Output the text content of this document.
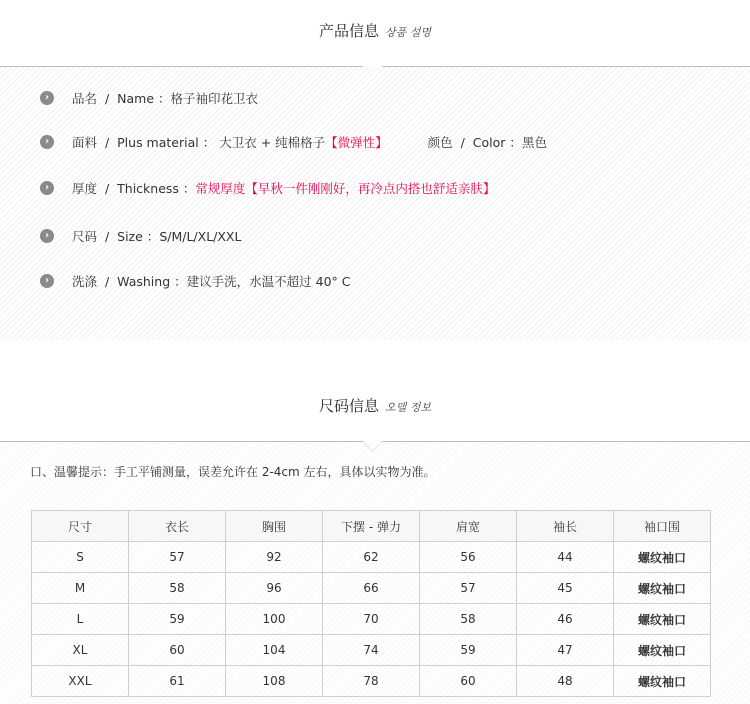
产品信息 상품 설명
›	品名
/
Name
： 格子袖印花卫衣
›	面料
/
Plus material
：
大卫衣 + 纯棉格子 【微弹性】	颜色
/
Color
： 黑色
›	厚度
/
Thickness
： 常规厚度【早秋一件刚刚好，再冷点内搭也舒适亲肤】
›	尺码
/
Size
： S/M/L/XL/XXL
›	洗涤
/
Washing
： 建议手洗，水温不超过 40° C
尺码信息 오델 정보
口、温馨提示：手工平铺测量，误差允许在 2-4cm 左右，具体以实物为准。
尺寸	衣长	胸围	下摆 - 弹力	肩宽	袖长	袖口围
S	57	92	62	56	44	螺纹袖口
M	58	96	66	57	45	螺纹袖口
L	59	100	70	58	46	螺纹袖口
XL	60	104	74	59	47	螺纹袖口
XXL	61	108	78	60	48	螺纹袖口
